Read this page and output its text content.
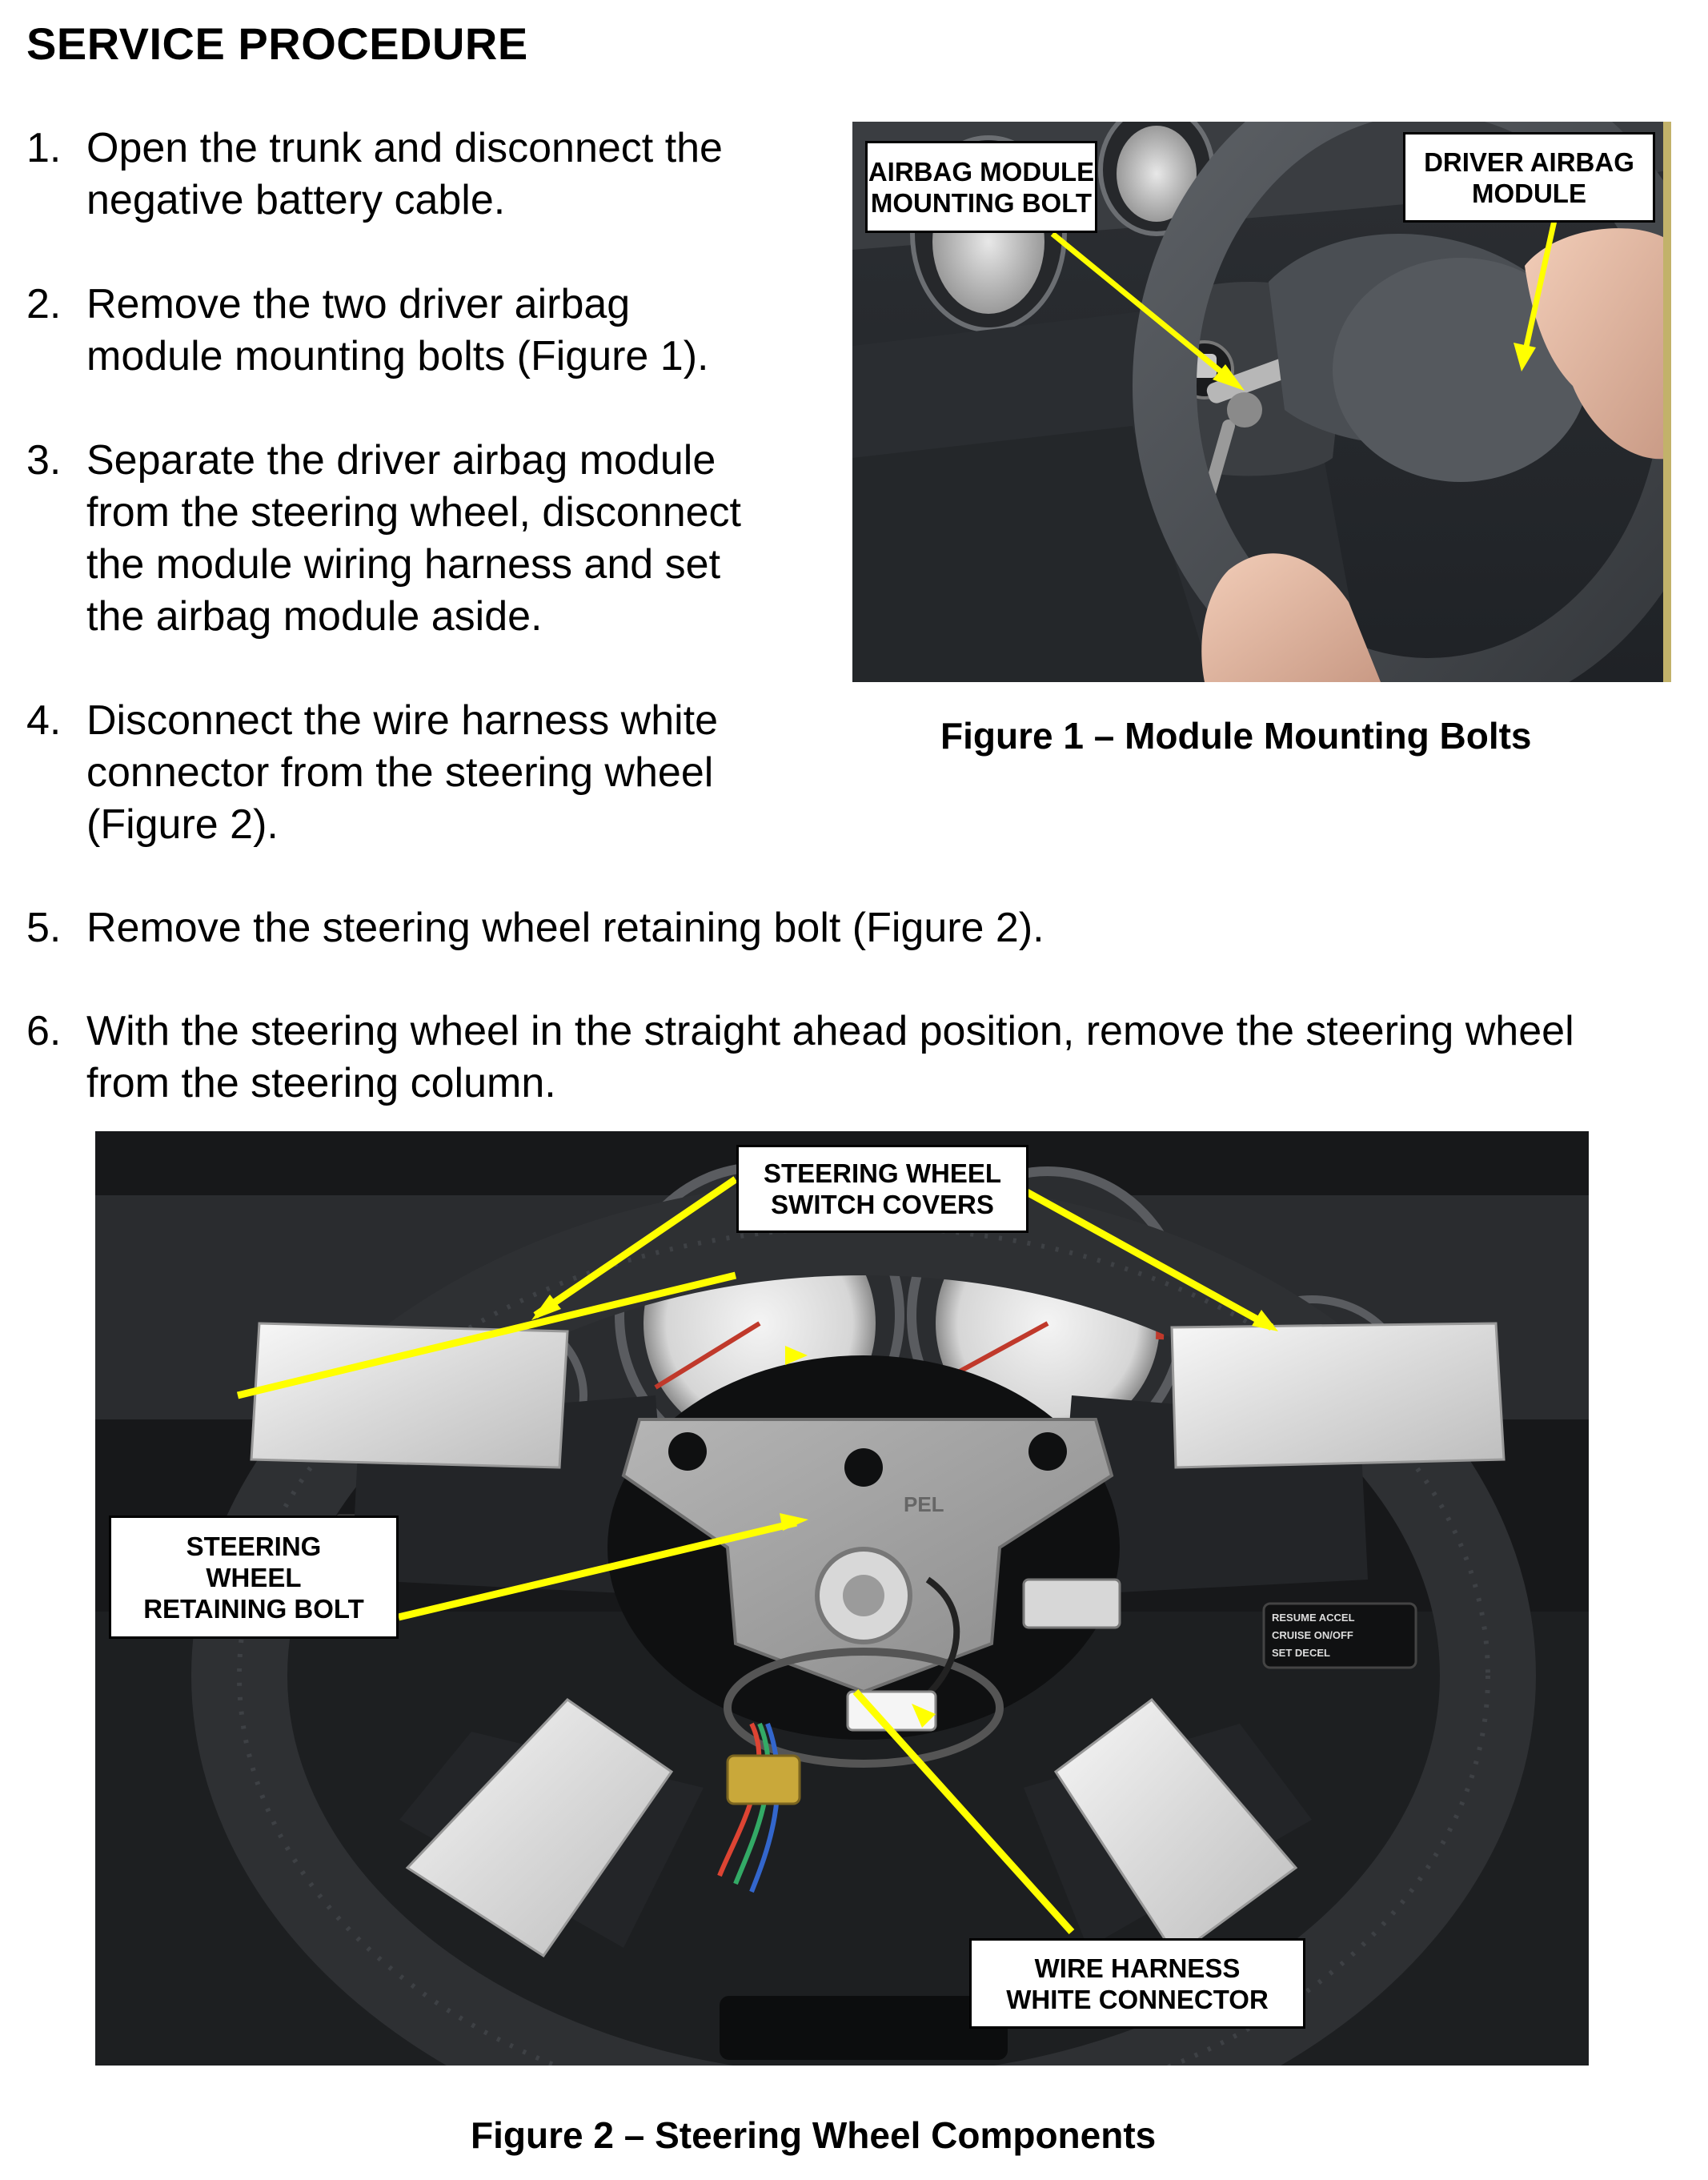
SERVICE PROCEDURE
1. Open the trunk and disconnect the
negative battery cable.
2. Remove the two driver airbag
module mounting bolts (Figure 1).
3. Separate the driver airbag module
from the steering wheel, disconnect
the module wiring harness and set
the airbag module aside.
4. Disconnect the wire harness white
connector from the steering wheel
(Figure 2).
5. Remove the steering wheel retaining bolt (Figure 2).
6. With the steering wheel in the straight ahead position, remove the steering wheel
from the steering column.
AIRBAG MODULE
MOUNTING BOLT
DRIVER AIRBAG
MODULE
Figure 1 – Module Mounting Bolts
MPH	RPM
RESUME ACCEL
CRUISE ON/OFF
SET DECEL
PEL
STEERING WHEEL
SWITCH COVERS
STEERING
WHEEL
RETAINING BOLT
WIRE HARNESS
WHITE CONNECTOR
Figure 2 – Steering Wheel Components
